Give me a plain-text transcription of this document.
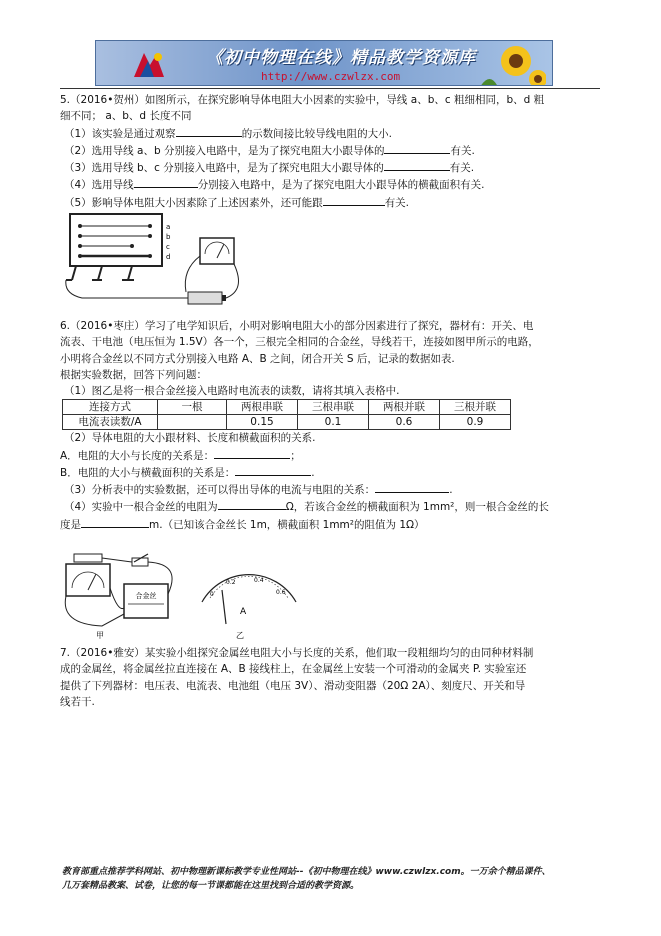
《初中物理在线》精品教学资源库
http://www.czwlzx.com
5.（2016•贺州）如图所示，在探究影响导体电阻大小因素的实验中，导线 a、b、c 粗细相同，b、d 粗
细不同； a、b、d 长度不同
（1）该实验是通过观察	的示数间接比较导线电阻的大小.
（2）选用导线 a、b 分别接入电路中，是为了探究电阻大小跟导体的	有关.
（3）选用导线 b、c 分别接入电路中，是为了探究电阻大小跟导体的	有关.
（4）选用导线	分别接入电路中，是为了探究电阻大小跟导体的横截面积有关.
（5）影响导体电阻大小因素除了上述因素外，还可能跟	有关.
a
b
c
d
6.（2016•枣庄）学习了电学知识后，小明对影响电阻大小的部分因素进行了探究，器材有：开关、电
流表、干电池（电压恒为 1.5V）各一个，三根完全相同的合金丝，导线若干，连接如图甲所示的电路，
小明将合金丝以不同方式分别接入电路 A、B 之间，闭合开关 S 后，记录的数据如表.
根据实验数据，回答下列问题：
（1）图乙是将一根合金丝接入电路时电流表的读数，请将其填入表格中.
连接方式	一根	两根串联	三根串联	两根并联	三根并联
电流表读数/A		0.15	0.1	0.6	0.9
（2）导体电阻的大小跟材料、长度和横截面积的关系.
A．电阻的大小与长度的关系是：	；
B．电阻的大小与横截面积的关系是：	.
（3）分析表中的实验数据，还可以得出导体的电流与电阻的关系：	.
（4）实验中一根合金丝的电阻为	Ω，若该合金丝的横截面积为 1mm²，则一根合金丝的长
度是	m.（已知该合金丝长 1m，横截面积 1mm²的阻值为 1Ω）
合金丝
甲
0
0.2	0.4
0.6
A
乙
7.（2016•雅安）某实验小组探究金属丝电阻大小与长度的关系，他们取一段粗细均匀的由同种材料制
成的金属丝，将金属丝拉直连接在 A、B 接线柱上，在金属丝上安装一个可滑动的金属夹 P. 实验室还
提供了下列器材：电压表、电流表、电池组（电压 3V）、滑动变阻器（20Ω 2A）、刻度尺、开关和导
线若干.
教育部重点推荐学科网站、初中物理新课标教学专业性网站--《初中物理在线》www.czwlzx.com。一万余个精品课件、
几万套精品教案、试卷，让您的每一节课都能在这里找到合适的教学资源。
